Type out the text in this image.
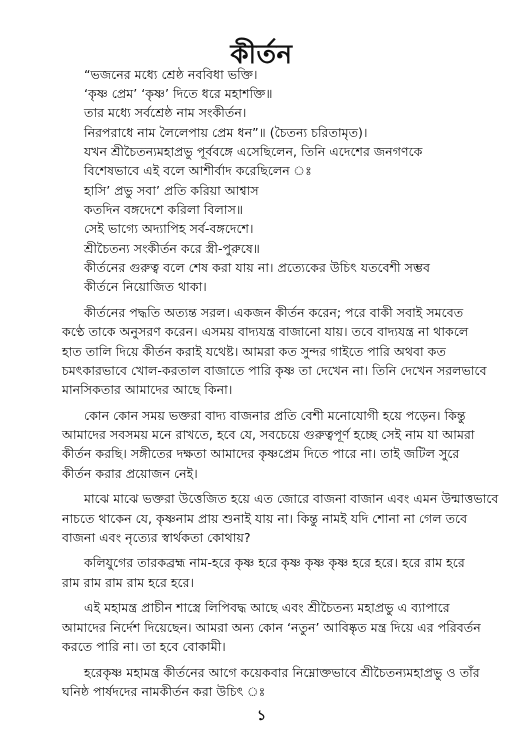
কীর্তন
“ভজনের মধ্যে শ্রেষ্ঠ নববিধা ভক্তি।
‘কৃষ্ণ প্রেম’ ‘কৃষ্ণ’ দিতে ধরে মহাশক্তি॥
তার মধ্যে সর্বশ্রেষ্ঠ নাম সংকীর্তন।
নিরপরাধে নাম লৈলেপায় প্রেম ধন”॥ (চৈতন্য চরিতামৃত)।
যখন শ্রীচৈতন্যমহাপ্রভু পূর্ববঙ্গে এসেছিলেন, তিনি এদেশের জনগণকে
বিশেষভাবে এই বলে আশীর্বাদ করেছিলেন ঃ
হাসি’ প্রভু সবা’ প্রতি করিয়া আশ্বাস
কতদিন বঙ্গদেশে করিলা বিলাস॥
সেই ভাগ্যে অদ্যাপিহ সর্ব-বঙ্গদেশে।
শ্রীচৈতন্য সংকীর্তন করে স্ত্রী-পুরুষে॥
কীর্তনের গুরুত্ব বলে শেষ করা যায় না। প্রত্যেকের উচিৎ যতবেশী সম্ভব
কীর্তনে নিয়োজিত থাকা।
কীর্তনের পদ্ধতি অত্যন্ত সরল। একজন কীর্তন করেন; পরে বাকী সবাই সমবেত
কণ্ঠে তাকে অনুসরণ করেন। এসময় বাদ্যযন্ত্র বাজানো যায়। তবে বাদ্যযন্ত্র না থাকলে
হাত তালি দিয়ে কীর্তন করাই যথেষ্ট। আমরা কত সুন্দর গাইতে পারি অথবা কত
চমৎকারভাবে খোল-করতাল বাজাতে পারি কৃষ্ণ তা দেখেন না। তিনি দেখেন সরলভাবে
মানসিকতার আমাদের আছে কিনা।
কোন কোন সময় ভক্তরা বাদ্য বাজনার প্রতি বেশী মনোযোগী হয়ে পড়েন। কিন্তু
আমাদের সবসময় মনে রাখতে, হবে যে, সবচেয়ে গুরুত্বপূর্ণ হচ্ছে সেই নাম যা আমরা
কীর্তন করছি। সঙ্গীতের দক্ষতা আমাদের কৃষ্ণপ্রেম দিতে পারে না। তাই জটিল সুরে
কীর্তন করার প্রয়োজন নেই।
মাঝে মাঝে ভক্তরা উত্তেজিত হয়ে এত জোরে বাজনা বাজান এবং এমন উন্মাত্তভাবে
নাচতে থাকেন যে, কৃষ্ণনাম প্রায় শুনাই যায় না। কিন্তু নামই যদি শোনা না গেল তবে
বাজনা এবং নৃত্যের স্বার্থকতা কোথায়?
কলিযুগের তারকব্রহ্ম নাম-হরে কৃষ্ণ হরে কৃষ্ণ কৃষ্ণ কৃষ্ণ হরে হরে। হরে রাম হরে
রাম রাম রাম রাম হরে হরে।
এই মহামন্ত্র প্রাচীন শাস্ত্রে লিপিবদ্ধ আছে এবং শ্রীচৈতন্য মহাপ্রভু এ ব্যাপারে
আমাদের নির্দেশ দিয়েছেন। আমরা অন্য কোন ‘নতুন’ আবিষ্কৃত মন্ত্র দিয়ে এর পরিবর্তন
করতে পারি না। তা হবে বোকামী।
হরেকৃষ্ণ মহামন্ত্র কীর্তনের আগে কয়েকবার নিম্নোক্তভাবে শ্রীচৈতন্যমহাপ্রভু ও তাঁর
ঘনিষ্ঠ পার্ষদদের নামকীর্তন করা উচিৎ ঃ
১
